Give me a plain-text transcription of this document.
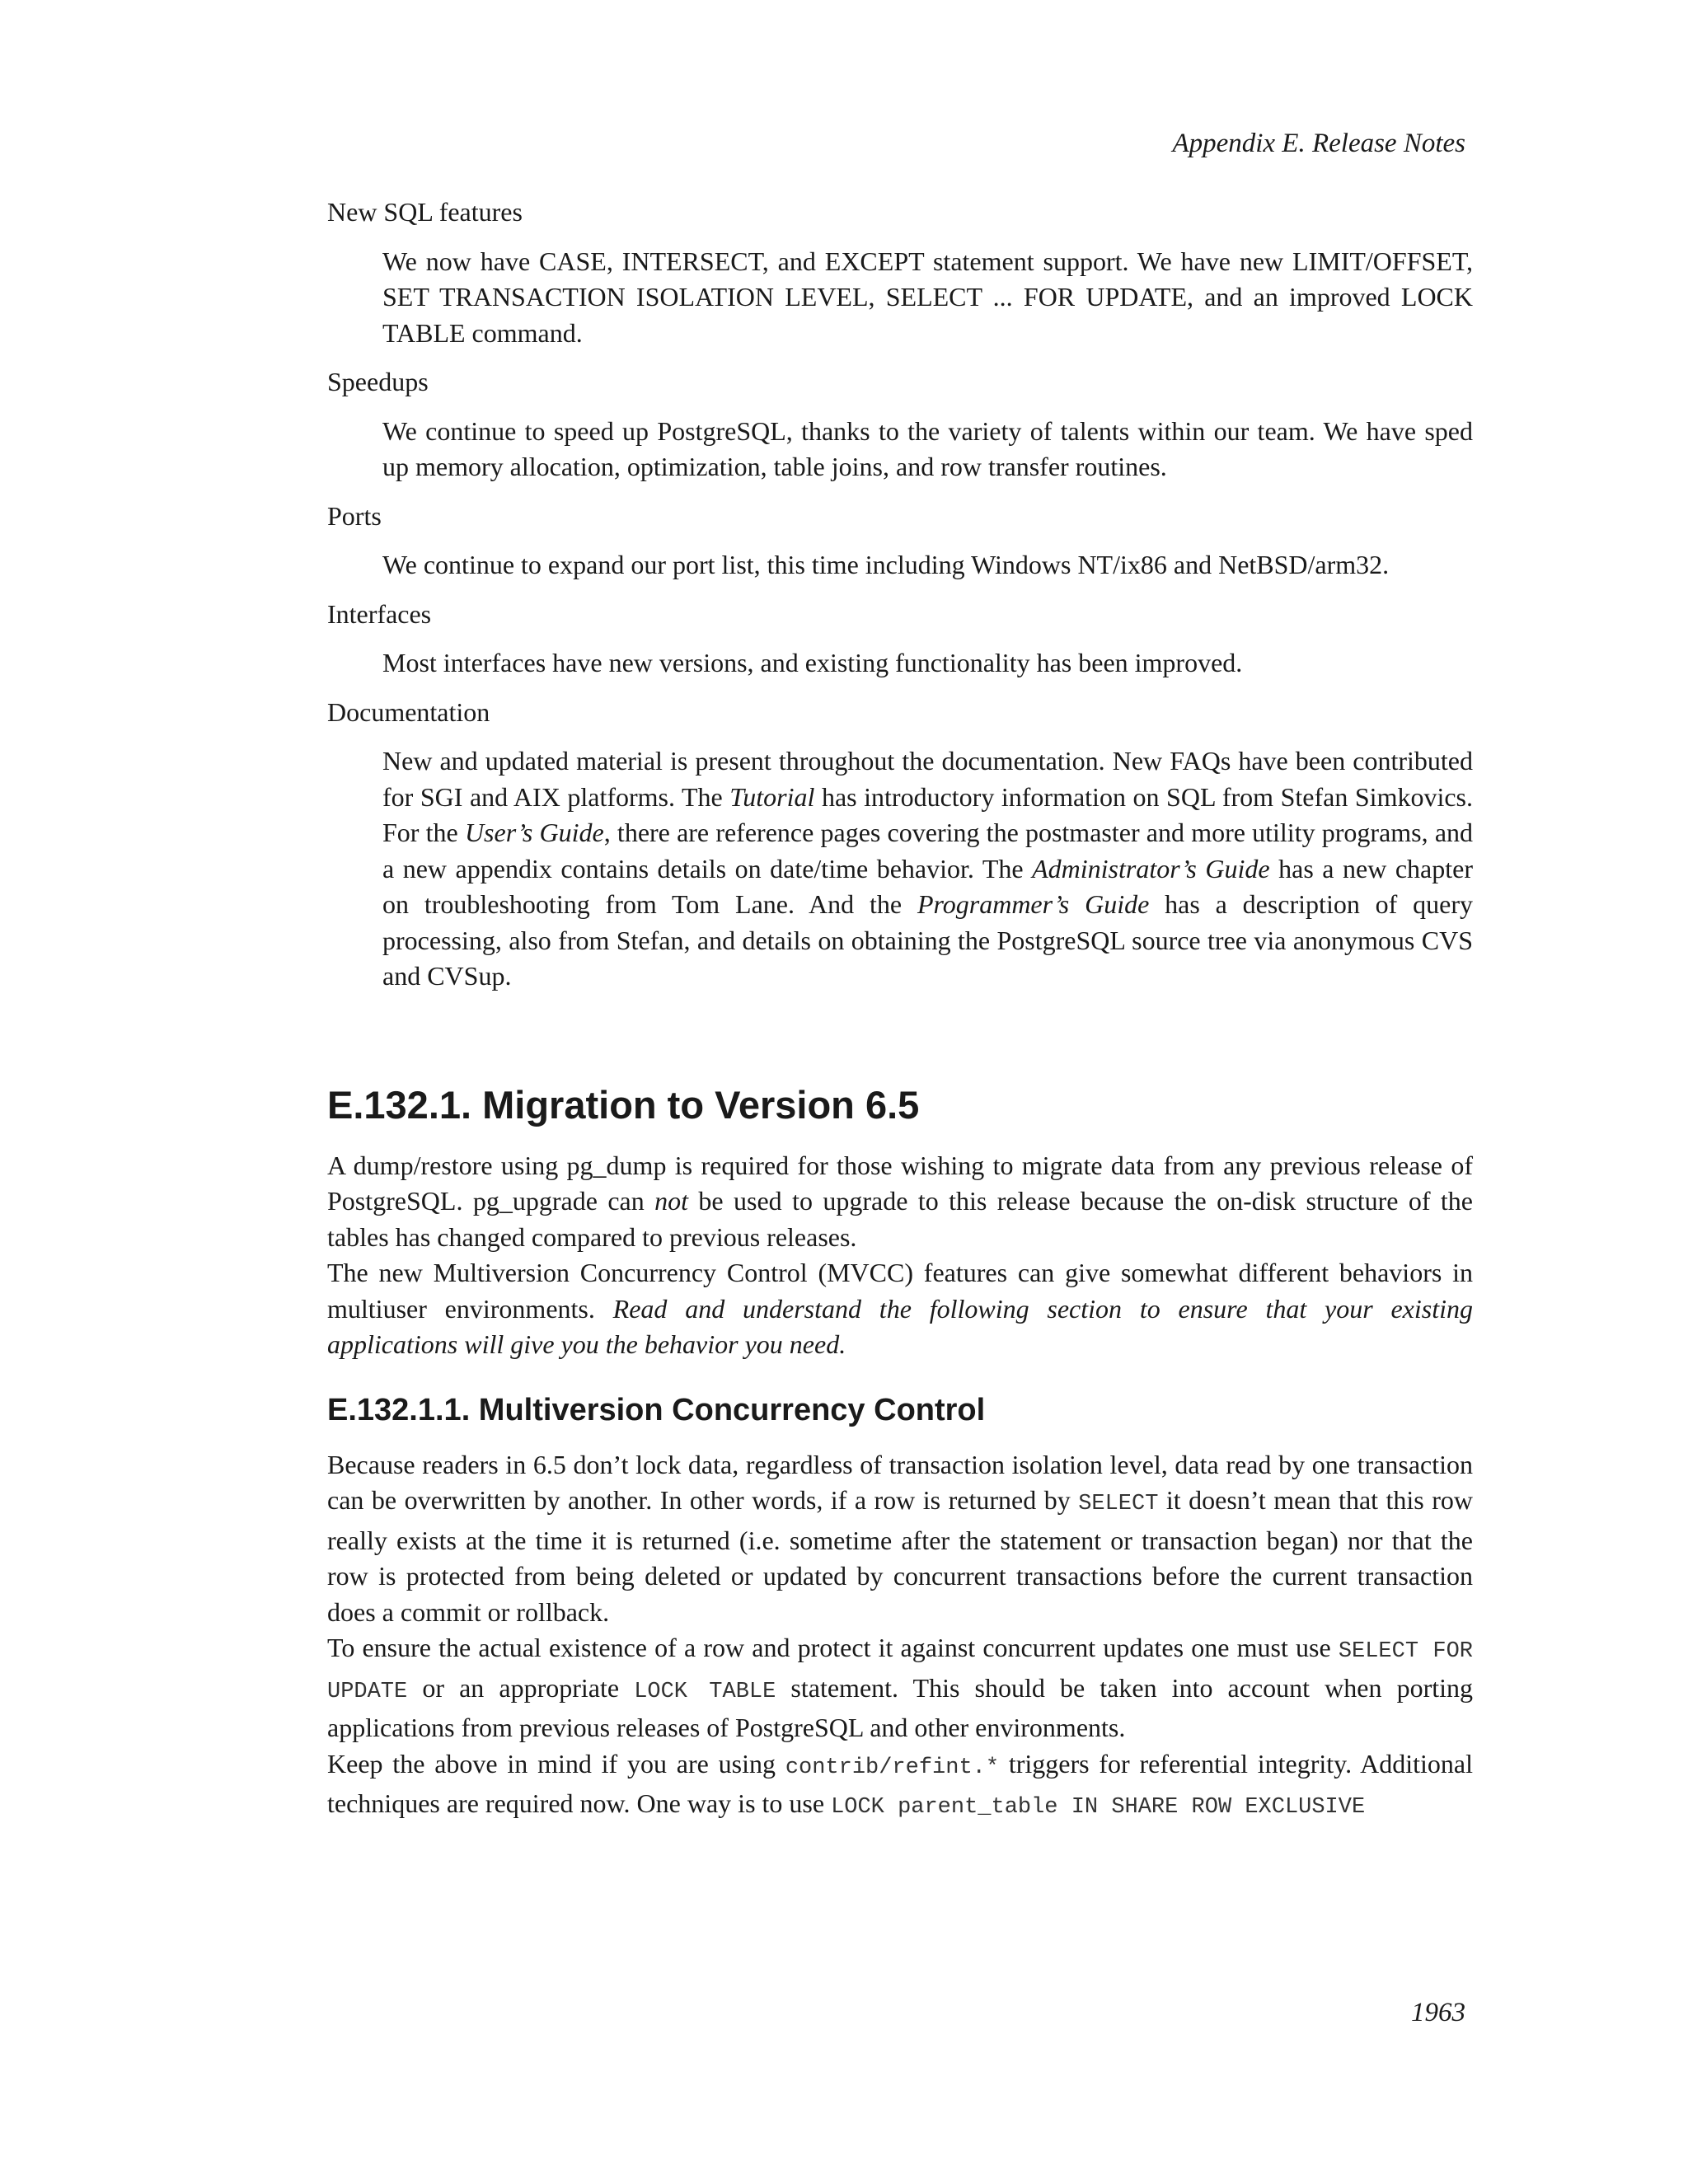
Appendix E. Release Notes
New SQL features

We now have CASE, INTERSECT, and EXCEPT statement support. We have new LIMIT/OFFSET, SET TRANSACTION ISOLATION LEVEL, SELECT ... FOR UPDATE, and an improved LOCK TABLE command.

Speedups

We continue to speed up PostgreSQL, thanks to the variety of talents within our team. We have sped up memory allocation, optimization, table joins, and row transfer routines.

Ports

We continue to expand our port list, this time including Windows NT/ix86 and NetBSD/arm32.

Interfaces

Most interfaces have new versions, and existing functionality has been improved.

Documentation

New and updated material is present throughout the documentation. New FAQs have been contributed for SGI and AIX platforms. The Tutorial has introductory information on SQL from Stefan Simkovics. For the User’s Guide, there are reference pages covering the postmaster and more utility programs, and a new appendix contains details on date/time behavior. The Administrator’s Guide has a new chapter on troubleshooting from Tom Lane. And the Programmer’s Guide has a description of query processing, also from Stefan, and details on obtaining the PostgreSQL source tree via anonymous CVS and CVSup.

E.132.1. Migration to Version 6.5

A dump/restore using pg_dump is required for those wishing to migrate data from any previous release of PostgreSQL. pg_upgrade can not be used to upgrade to this release because the on-disk structure of the tables has changed compared to previous releases.

The new Multiversion Concurrency Control (MVCC) features can give somewhat different behaviors in multiuser environments. Read and understand the following section to ensure that your existing applications will give you the behavior you need.

E.132.1.1. Multiversion Concurrency Control

Because readers in 6.5 don’t lock data, regardless of transaction isolation level, data read by one transaction can be overwritten by another. In other words, if a row is returned by SELECT it doesn’t mean that this row really exists at the time it is returned (i.e. sometime after the statement or transaction began) nor that the row is protected from being deleted or updated by concurrent transactions before the current transaction does a commit or rollback.

To ensure the actual existence of a row and protect it against concurrent updates one must use SELECT FOR UPDATE or an appropriate LOCK TABLE statement. This should be taken into account when porting applications from previous releases of PostgreSQL and other environments.

Keep the above in mind if you are using contrib/refint.* triggers for referential integrity. Additional techniques are required now. One way is to use LOCK parent_table IN SHARE ROW EXCLUSIVE

1963
